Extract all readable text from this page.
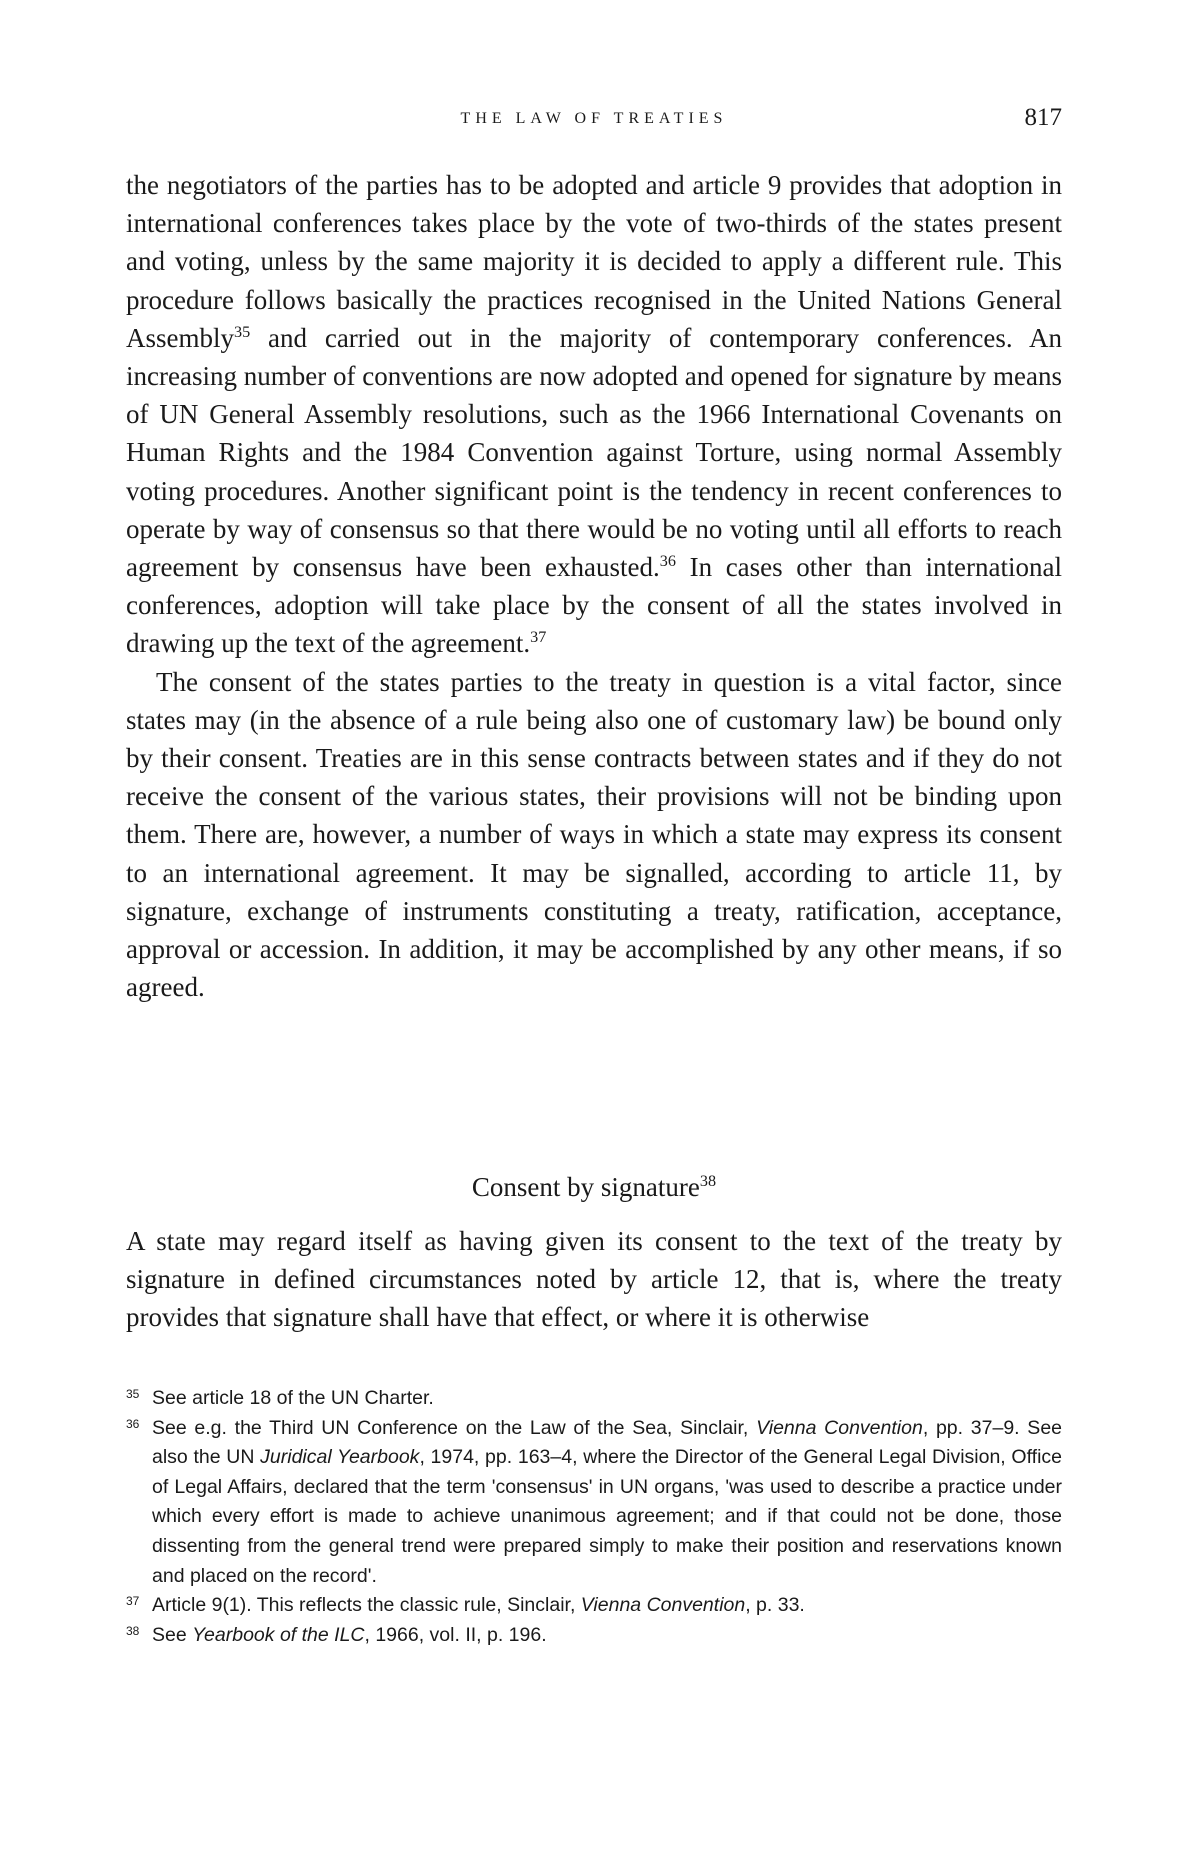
THE LAW OF TREATIES	817

the negotiators of the parties has to be adopted and article 9 provides that adoption in international conferences takes place by the vote of two-thirds of the states present and voting, unless by the same majority it is decided to apply a different rule. This procedure follows basically the practices recognised in the United Nations General Assembly$^{35}$ and carried out in the majority of contemporary conferences. An increasing number of conventions are now adopted and opened for signature by means of UN General Assembly resolutions, such as the 1966 International Covenants on Human Rights and the 1984 Convention against Torture, using normal Assembly voting procedures. Another significant point is the tendency in recent conferences to operate by way of consensus so that there would be no voting until all efforts to reach agreement by consensus have been exhausted.$^{36}$ In cases other than international conferences, adoption will take place by the consent of all the states involved in drawing up the text of the agreement.$^{37}$

The consent of the states parties to the treaty in question is a vital factor, since states may (in the absence of a rule being also one of customary law) be bound only by their consent. Treaties are in this sense contracts between states and if they do not receive the consent of the various states, their provisions will not be binding upon them. There are, however, a number of ways in which a state may express its consent to an international agreement. It may be signalled, according to article 11, by signature, exchange of instruments constituting a treaty, ratification, acceptance, approval or accession. In addition, it may be accomplished by any other means, if so agreed.

Consent by signature$^{38}$

A state may regard itself as having given its consent to the text of the treaty by signature in defined circumstances noted by article 12, that is, where the treaty provides that signature shall have that effect, or where it is otherwise

35 See article 18 of the UN Charter.

36 See e.g. the Third UN Conference on the Law of the Sea, Sinclair, Vienna Convention, pp. 37–9. See also the UN Juridical Yearbook, 1974, pp. 163–4, where the Director of the General Legal Division, Office of Legal Affairs, declared that the term 'consensus' in UN organs, 'was used to describe a practice under which every effort is made to achieve unanimous agreement; and if that could not be done, those dissenting from the general trend were prepared simply to make their position and reservations known and placed on the record'.

37 Article 9(1). This reflects the classic rule, Sinclair, Vienna Convention, p. 33.

38 See Yearbook of the ILC, 1966, vol. II, p. 196.
